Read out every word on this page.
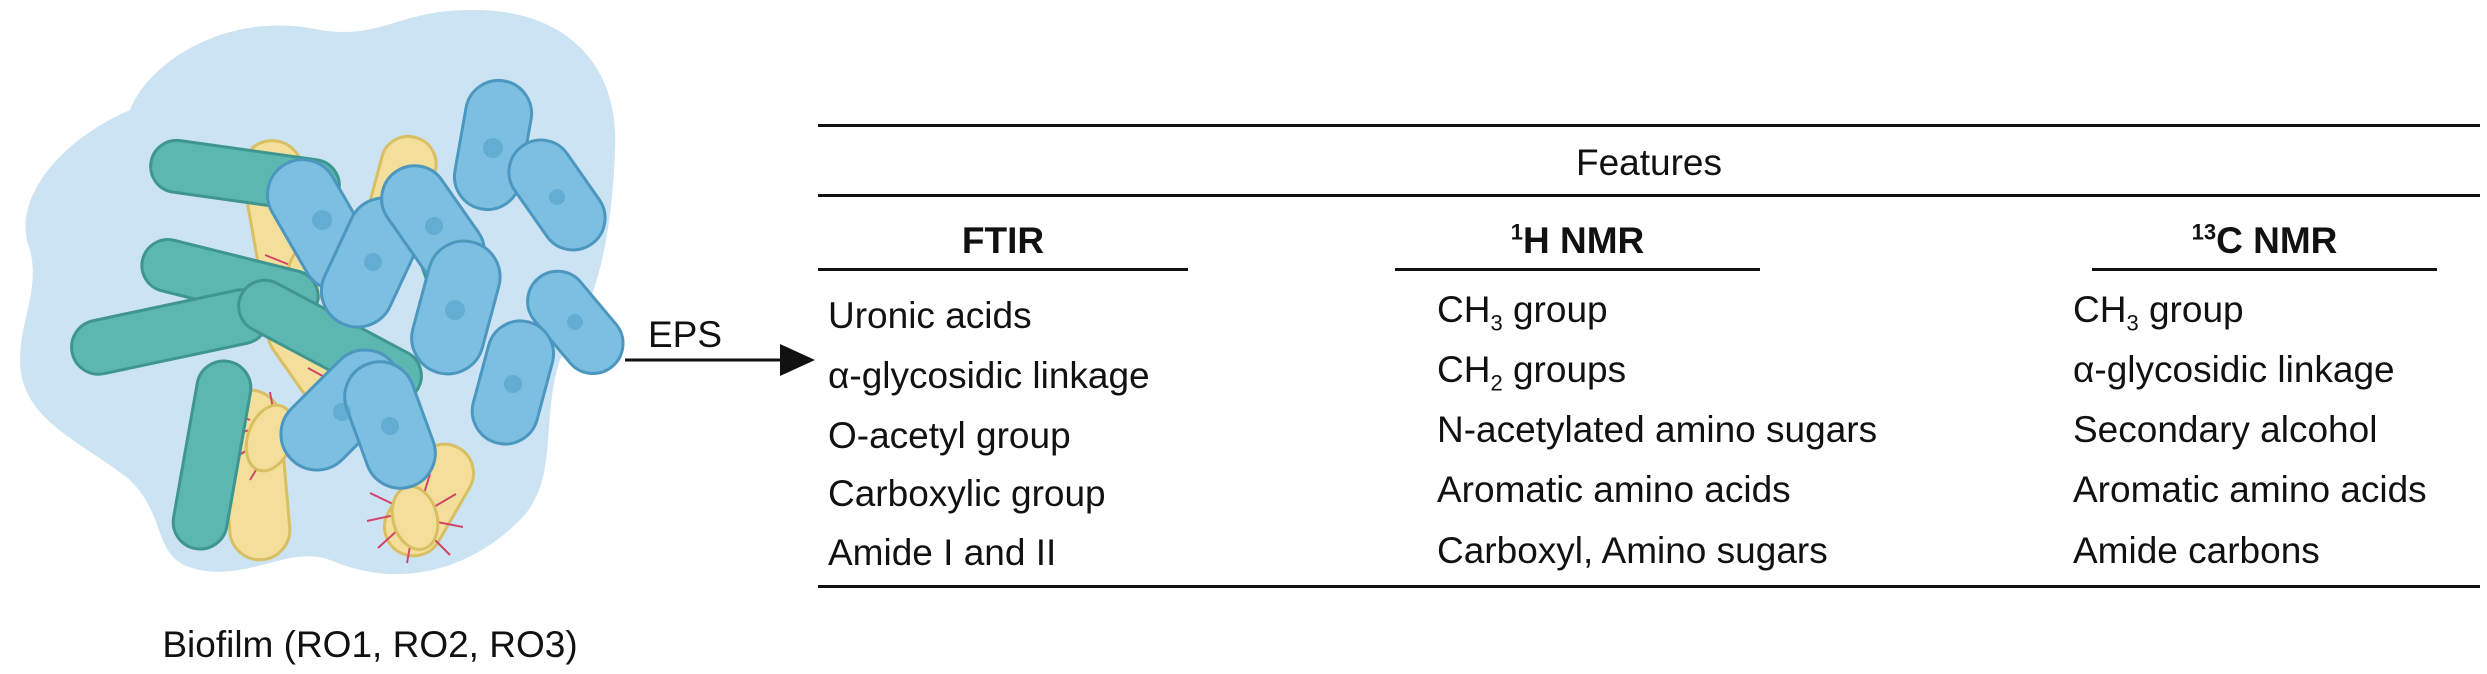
Biofilm (RO1, RO2, RO3)
EPS
Features
FTIR	$^1$H NMR	$^{13}$C NMR
Uronic acids
α-glycosidic linkage
O-acetyl group
Carboxylic group
Amide I and II
$CH_3$ group
$CH_2$ groups
N-acetylated amino sugars
Aromatic amino acids
Carboxyl, Amino sugars
$CH_3$ group
α-glycosidic linkage
Secondary alcohol
Aromatic amino acids
Amide carbons
